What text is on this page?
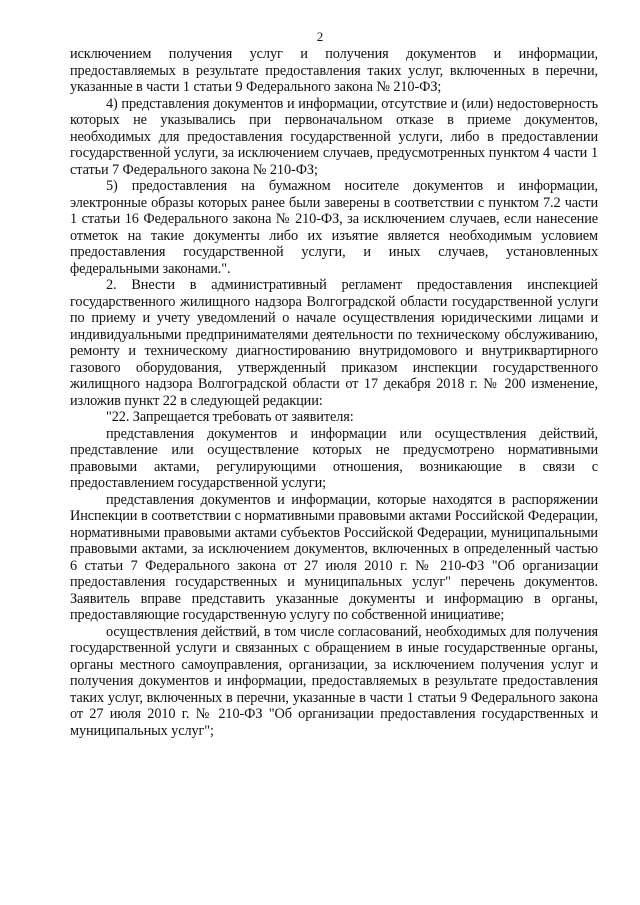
2

исключением получения услуг и получения документов и информации, предоставляемых в результате предоставления таких услуг, включенных в перечни, указанные в части 1 статьи 9 Федерального закона № 210-ФЗ;

4) представления документов и информации, отсутствие и (или) недостоверность которых не указывались при первоначальном отказе в приеме документов, необходимых для предоставления государственной услуги, либо в предоставлении государственной услуги, за исключением случаев, предусмотренных пунктом 4 части 1 статьи 7 Федерального закона № 210-ФЗ;

5) предоставления на бумажном носителе документов и информации, электронные образы которых ранее были заверены в соответствии с пунктом 7.2 части 1 статьи 16 Федерального закона № 210-ФЗ, за исключением случаев, если нанесение отметок на такие документы либо их изъятие является необходимым условием предоставления государственной услуги, и иных случаев, установленных федеральными законами.".

2. Внести в административный регламент предоставления инспекцией государственного жилищного надзора Волгоградской области государственной услуги по приему и учету уведомлений о начале осуществления юридическими лицами и индивидуальными предпринимателями деятельности по техническому обслуживанию, ремонту и техническому диагностированию внутридомового и внутриквартирного газового оборудования, утвержденный приказом инспекции государственного жилищного надзора Волгоградской области от 17 декабря 2018 г. № 200 изменение, изложив пункт 22 в следующей редакции:

"22. Запрещается требовать от заявителя:

представления документов и информации или осуществления действий, представление или осуществление которых не предусмотрено нормативными правовыми актами, регулирующими отношения, возникающие в связи с предоставлением государственной услуги;

представления документов и информации, которые находятся в распоряжении Инспекции в соответствии с нормативными правовыми актами Российской Федерации, нормативными правовыми актами субъектов Российской Федерации, муниципальными правовыми актами, за исключением документов, включенных в определенный частью 6 статьи 7 Федерального закона от 27 июля 2010 г. № 210-ФЗ "Об организации предоставления государственных и муниципальных услуг" перечень документов. Заявитель вправе представить указанные документы и информацию в органы, предоставляющие государственную услугу по собственной инициативе;

осуществления действий, в том числе согласований, необходимых для получения государственной услуги и связанных с обращением в иные государственные органы, органы местного самоуправления, организации, за исключением получения услуг и получения документов и информации, предоставляемых в результате предоставления таких услуг, включенных в перечни, указанные в части 1 статьи 9 Федерального закона от 27 июля 2010 г. № 210-ФЗ "Об организации предоставления государственных и муниципальных услуг";
